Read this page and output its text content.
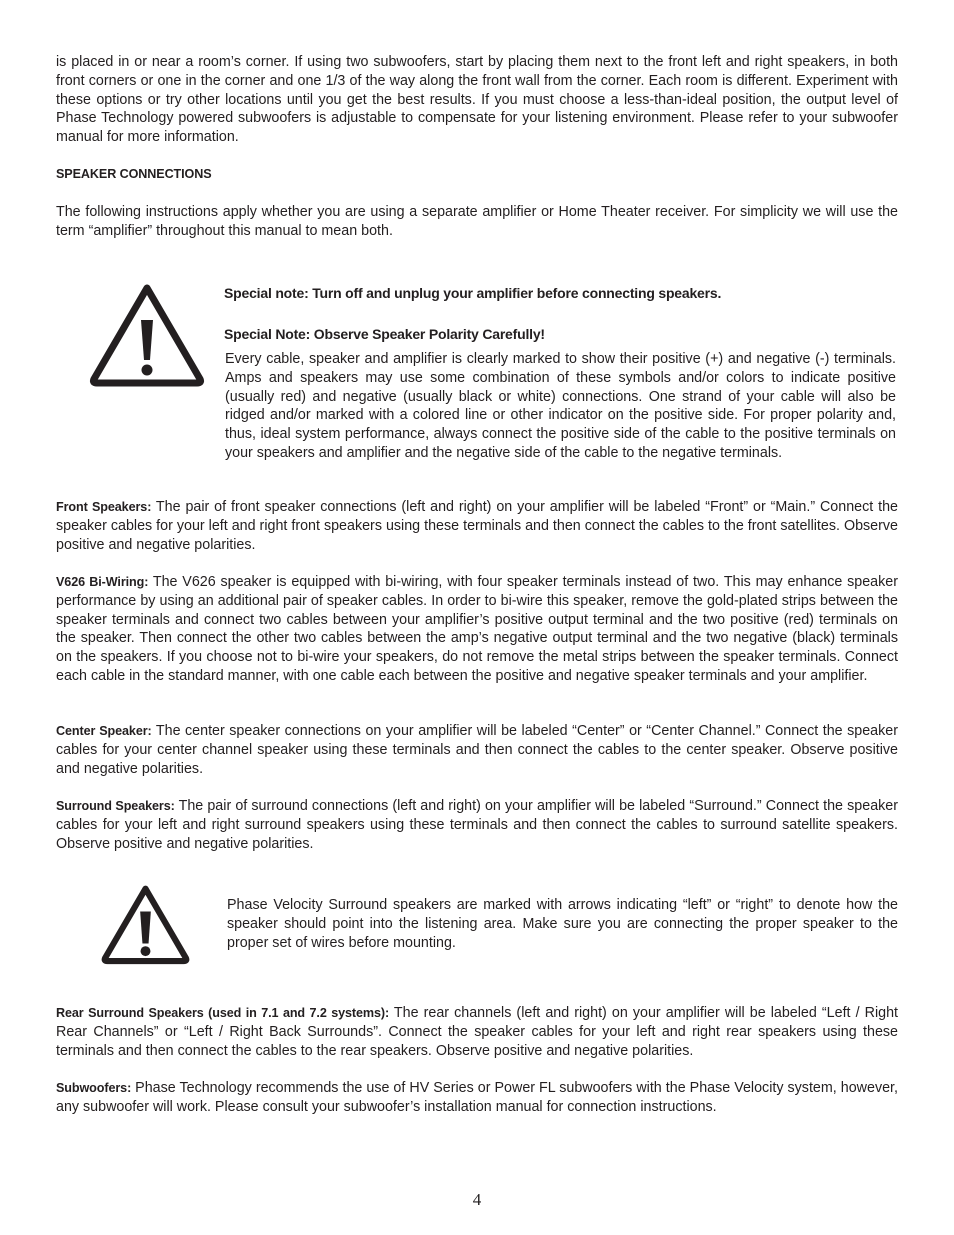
is placed in or near a room’s corner. If using two subwoofers, start by placing them next to the front left and right speakers, in both front corners or one in the corner and one 1/3 of the way along the front wall from the corner. Each room is different. Experiment with these options or try other locations until you get the best results. If you must choose a less-than-ideal position, the output level of Phase Technology powered subwoofers is adjustable to compensate for your listening environment. Please refer to your subwoofer manual for more information.

SPEAKER CONNECTIONS

The following instructions apply whether you are using a separate amplifier or Home Theater receiver. For simplicity we will use the term “amplifier” throughout this manual to mean both.

Special note: Turn off and unplug your amplifier before connecting speakers.

Special Note: Observe Speaker Polarity Carefully!

Every cable, speaker and amplifier is clearly marked to show their positive (+) and negative (-) terminals. Amps and speakers may use some combination of these symbols and/or colors to indicate positive (usually red) and negative (usually black or white) connections. One strand of your cable will also be ridged and/or marked with a colored line or other indicator on the positive side. For proper polarity and, thus, ideal system performance, always connect the positive side of the cable to the positive terminals on your speakers and amplifier and the negative side of the cable to the negative terminals.

Front Speakers: The pair of front speaker connections (left and right) on your amplifier will be labeled “Front” or “Main.” Connect the speaker cables for your left and right front speakers using these terminals and then connect the cables to the front satellites. Observe positive and negative polarities.

V626 Bi-Wiring: The V626 speaker is equipped with bi-wiring, with four speaker terminals instead of two. This may enhance speaker performance by using an additional pair of speaker cables. In order to bi-wire this speaker, remove the gold-plated strips between the speaker terminals and connect two cables between your amplifier’s positive output terminal and the two positive (red) terminals on the speaker. Then connect the other two cables between the amp’s negative output terminal and the two negative (black) terminals on the speakers. If you choose not to bi-wire your speakers, do not remove the metal strips between the speaker terminals. Connect each cable in the standard manner, with one cable each between the positive and negative speaker terminals and your amplifier.

Center Speaker: The center speaker connections on your amplifier will be labeled “Center” or “Center Channel.” Connect the speaker cables for your center channel speaker using these terminals and then connect the cables to the center speaker. Observe positive and negative polarities.

Surround Speakers: The pair of surround connections (left and right) on your amplifier will be labeled “Surround.” Connect the speaker cables for your left and right surround speakers using these terminals and then connect the cables to surround satellite speakers. Observe positive and negative polarities.

Phase Velocity Surround speakers are marked with arrows indicating “left” or “right” to denote how the speaker should point into the listening area. Make sure you are connecting the proper speaker to the proper set of wires before mounting.

Rear Surround Speakers (used in 7.1 and 7.2 systems): The rear channels (left and right) on your amplifier will be labeled “Left / Right Rear Channels” or “Left / Right Back Surrounds”. Connect the speaker cables for your left and right rear speakers using these terminals and then connect the cables to the rear speakers. Observe positive and negative polarities.

Subwoofers: Phase Technology recommends the use of HV Series or Power FL subwoofers with the Phase Velocity system, however, any subwoofer will work. Please consult your subwoofer’s installation manual for connection instructions.

4
